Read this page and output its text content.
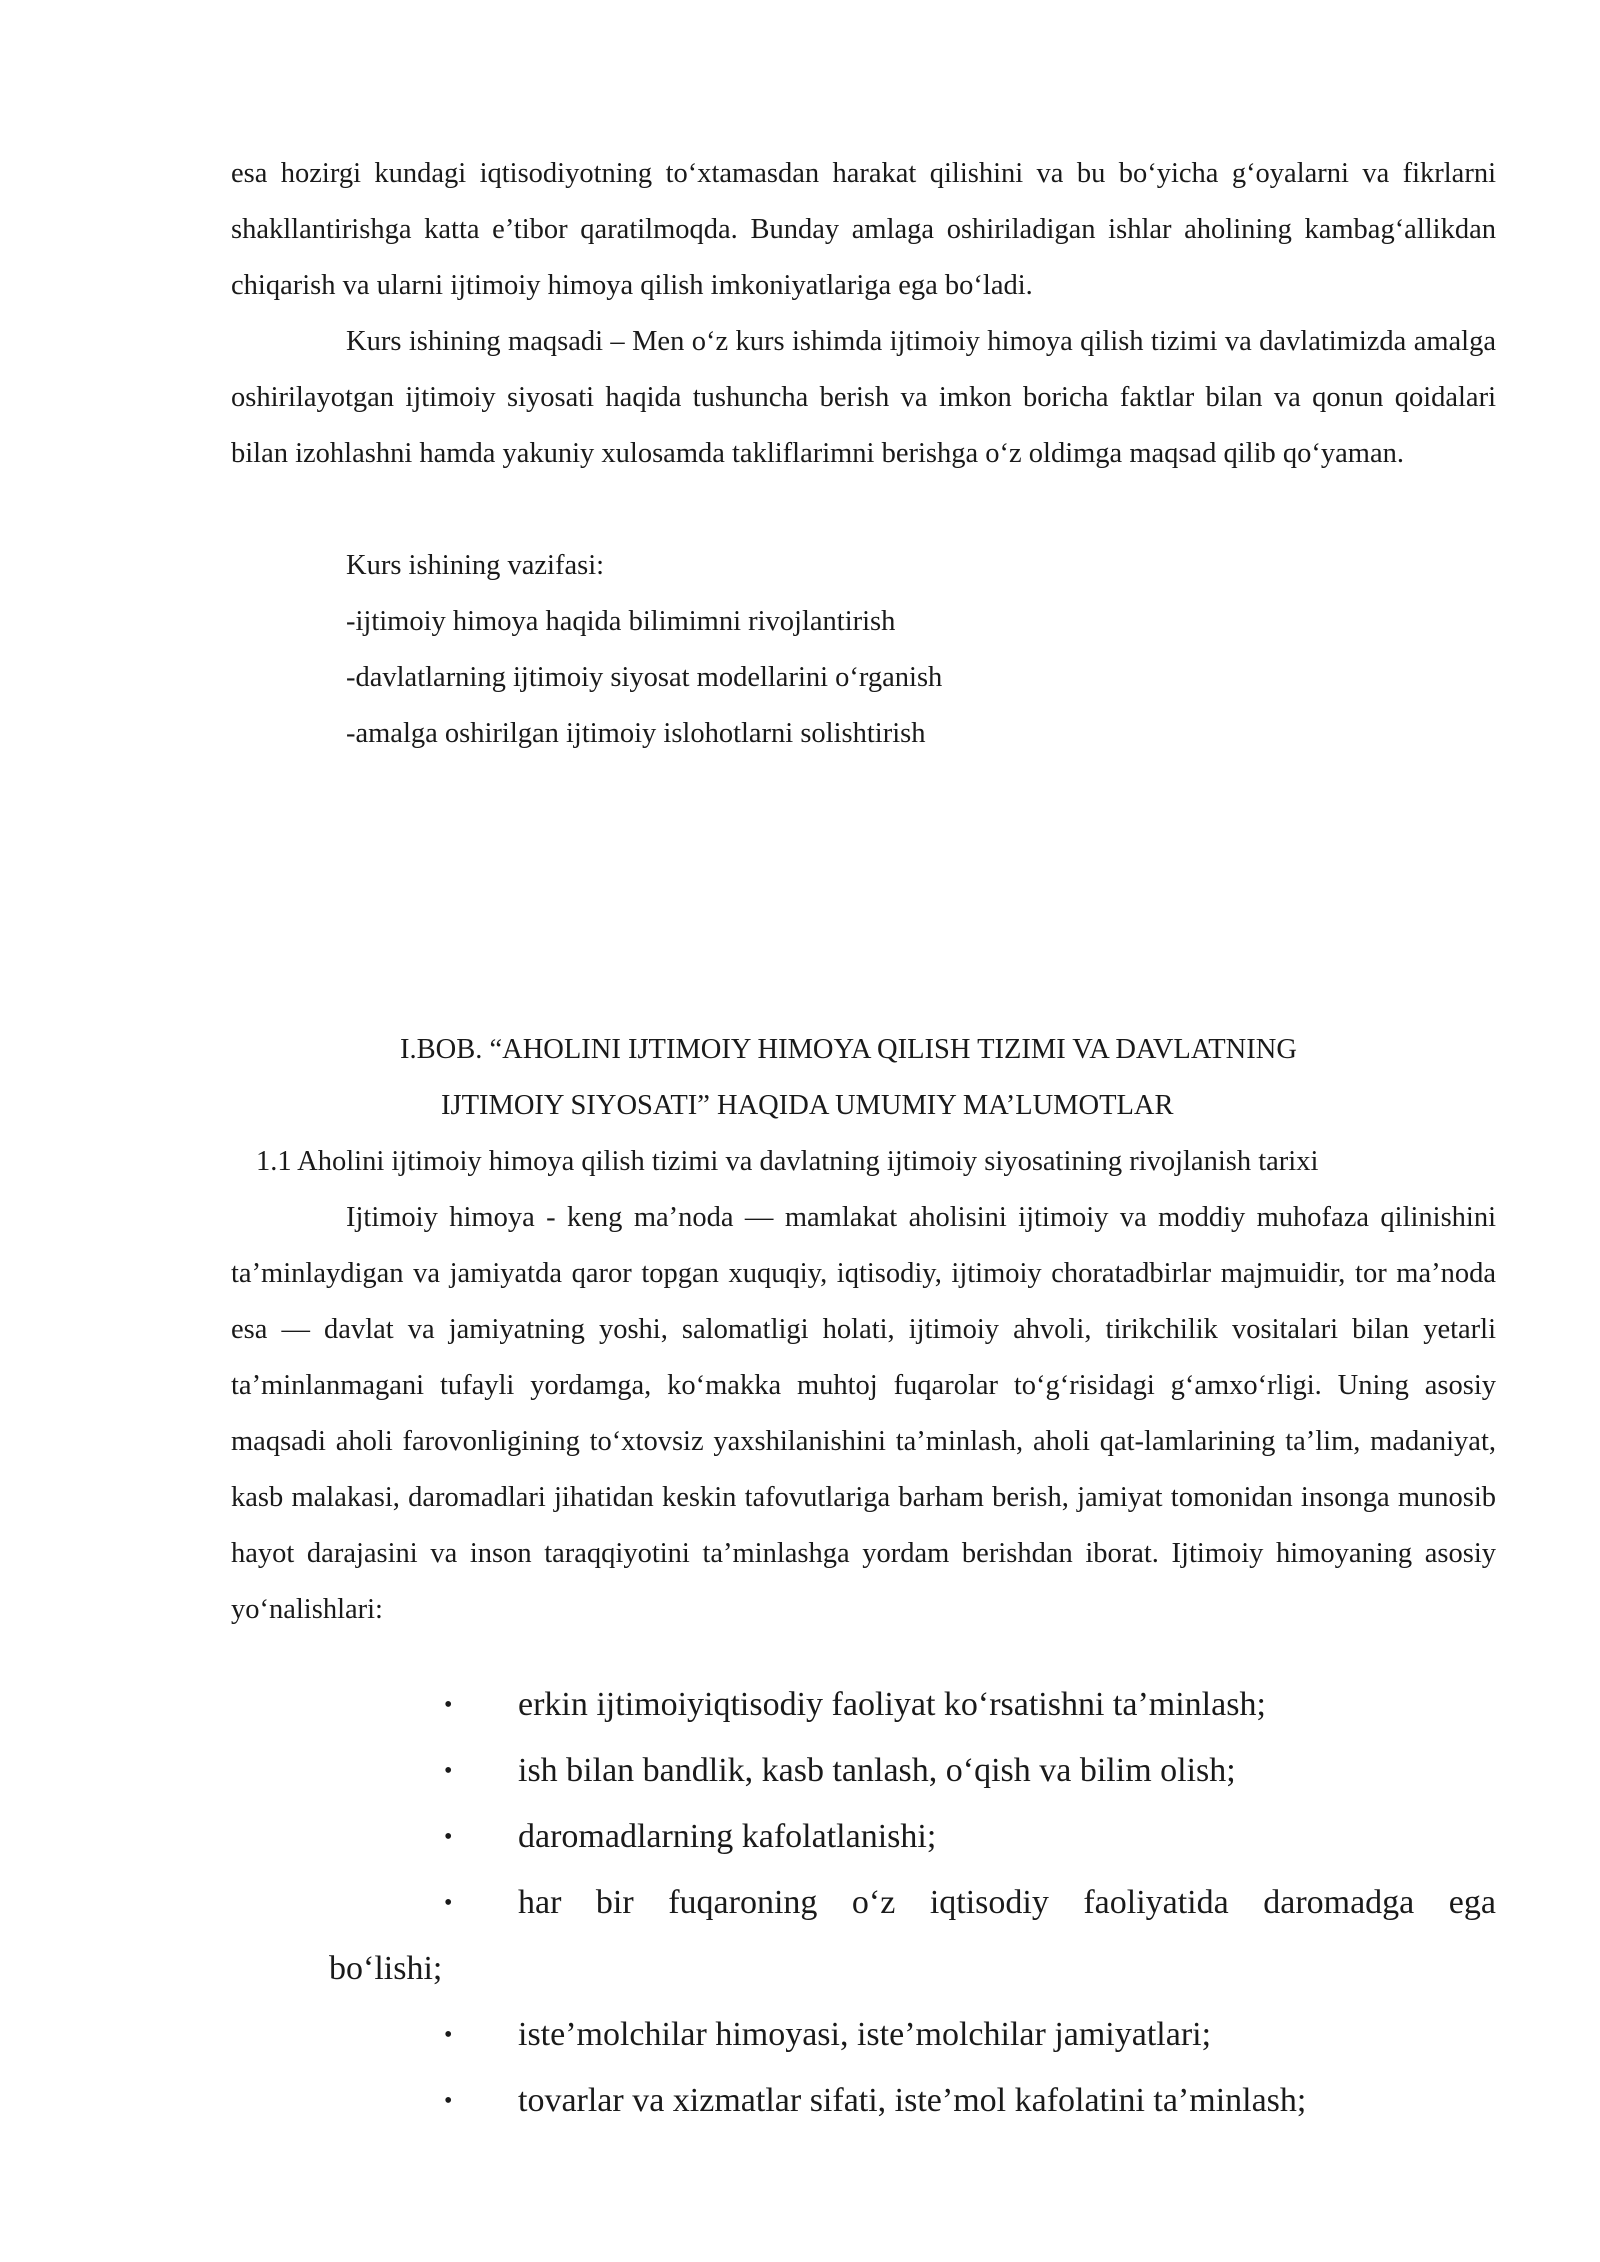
esa hozirgi kundagi iqtisodiyotning to‘xtamasdan harakat qilishini va bu bo‘yicha g‘oyalarni va fikrlarni shakllantirishga katta e’tibor qaratilmoqda. Bunday amlaga oshiriladigan ishlar aholining kambag‘allikdan chiqarish va ularni ijtimoiy himoya qilish imkoniyatlariga ega bo‘ladi.

Kurs ishining maqsadi – Men o‘z kurs ishimda ijtimoiy himoya qilish tizimi va davlatimizda amalga oshirilayotgan ijtimoiy siyosati haqida tushuncha berish va imkon boricha faktlar bilan va qonun qoidalari bilan izohlashni hamda yakuniy xulosamda takliflarimni berishga o‘z oldimga maqsad qilib qo‘yaman.

Kurs ishining vazifasi:

-ijtimoiy himoya haqida bilimimni rivojlantirish

-davlatlarning ijtimoiy siyosat modellarini o‘rganish

-amalga oshirilgan ijtimoiy islohotlarni solishtirish

I.BOB. “AHOLINI IJTIMOIY HIMOYA QILISH TIZIMI VA DAVLATNING

IJTIMOIY SIYOSATI” HAQIDA UMUMIY MA’LUMOTLAR

1.1 Aholini ijtimoiy himoya qilish tizimi va davlatning ijtimoiy siyosatining rivojlanish tarixi

Ijtimoiy himoya - keng ma’noda — mamlakat aholisini ijtimoiy va moddiy muhofaza qilinishini ta’minlaydigan va jamiyatda qaror topgan xuquqiy, iqtisodiy, ijtimoiy choratadbirlar majmuidir, tor ma’noda esa — davlat va jamiyatning yoshi, salomatligi holati, ijtimoiy ahvoli, tirikchilik vositalari bilan yetarli ta’minlanmagani tufayli yordamga, ko‘makka muhtoj fuqarolar to‘g‘risidagi g‘amxo‘rligi. Uning asosiy maqsadi aholi farovonligining to‘xtovsiz yaxshilanishini ta’minlash, aholi qat-lamlarining ta’lim, madaniyat, kasb malakasi, daromadlari jihatidan keskin tafovutlariga barham berish, jamiyat tomonidan insonga munosib hayot darajasini va inson taraqqiyotini ta’minlashga yordam berishdan iborat. Ijtimoiy himoyaning asosiy yo‘nalishlari:

• erkin ijtimoiyiqtisodiy faoliyat ko‘rsatishni ta’minlash;
• ish bilan bandlik, kasb tanlash, o‘qish va bilim olish;
• daromadlarning kafolatlanishi;
• har bir fuqaroning o‘z iqtisodiy faoliyatida daromadga ega
bo‘lishi;
• iste’molchilar himoyasi, iste’molchilar jamiyatlari;
• tovarlar va xizmatlar sifati, iste’mol kafolatini ta’minlash;
